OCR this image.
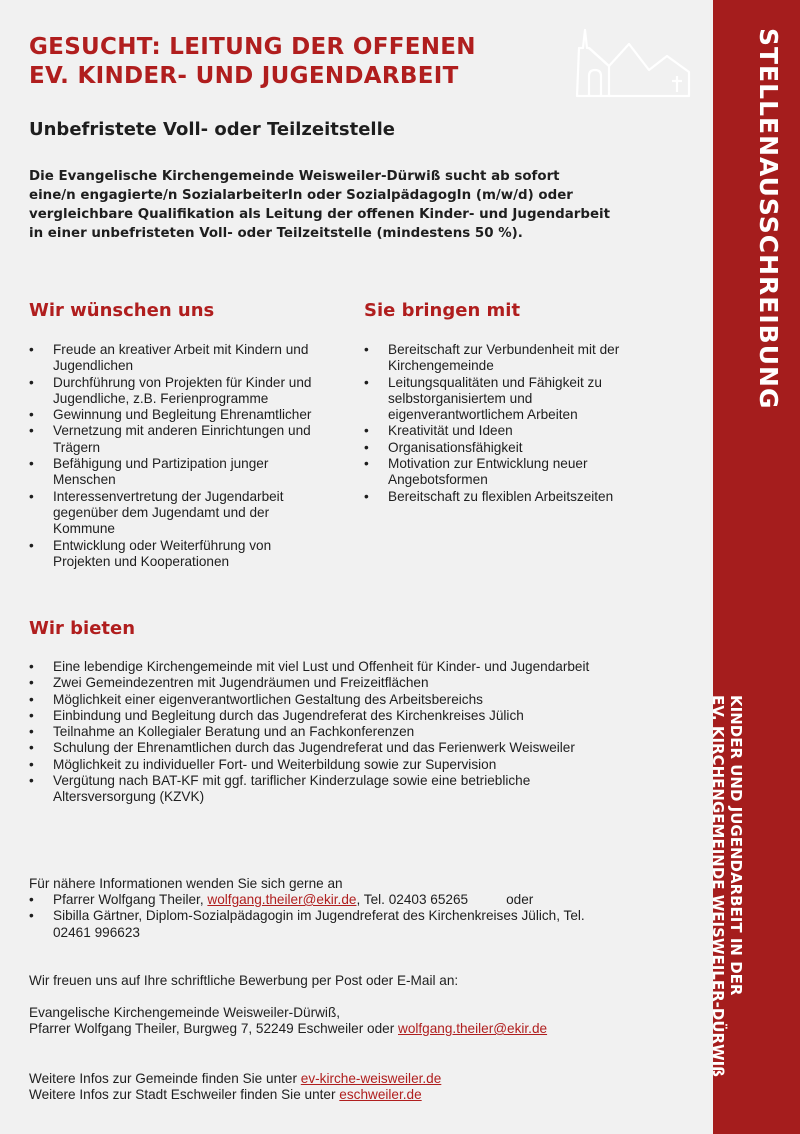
GESUCHT: LEITUNG DER OFFENEN
EV. KINDER- UND JUGENDARBEIT
Unbefristete Voll- oder Teilzeitstelle
Die Evangelische Kirchengemeinde Weisweiler-Dürwiß sucht ab sofort
eine/n engagierte/n SozialarbeiterIn oder SozialpädagogIn (m/w/d) oder
vergleichbare Qualifikation als Leitung der offenen Kinder- und Jugendarbeit
in einer unbefristeten Voll- oder Teilzeitstelle (mindestens 50 %).
Wir wünschen uns
• Freude an kreativer Arbeit mit Kindern und Jugendlichen
• Durchführung von Projekten für Kinder und Jugendliche, z.B. Ferienprogramme
• Gewinnung und Begleitung Ehrenamtlicher
• Vernetzung mit anderen Einrichtungen und Trägern
• Befähigung und Partizipation junger Menschen
• Interessenvertretung der Jugendarbeit gegenüber dem Jugendamt und der Kommune
• Entwicklung oder Weiterführung von Projekten und Kooperationen
Sie bringen mit
• Bereitschaft zur Verbundenheit mit der Kirchengemeinde
• Leitungsqualitäten und Fähigkeit zu selbstorganisiertem und eigenverantwortlichem Arbeiten
• Kreativität und Ideen
• Organisationsfähigkeit
• Motivation zur Entwicklung neuer Angebotsformen
• Bereitschaft zu flexiblen Arbeitszeiten
Wir bieten
• Eine lebendige Kirchengemeinde mit viel Lust und Offenheit für Kinder- und Jugendarbeit
• Zwei Gemeindezentren mit Jugendräumen und Freizeitflächen
• Möglichkeit einer eigenverantwortlichen Gestaltung des Arbeitsbereichs
• Einbindung und Begleitung durch das Jugendreferat des Kirchenkreises Jülich
• Teilnahme an Kollegialer Beratung und an Fachkonferenzen
• Schulung der Ehrenamtlichen durch das Jugendreferat und das Ferienwerk Weisweiler
• Möglichkeit zu individueller Fort- und Weiterbildung sowie zur Supervision
• Vergütung nach BAT-KF mit ggf. tariflicher Kinderzulage sowie eine betriebliche Altersversorgung (KZVK)
Für nähere Informationen wenden Sie sich gerne an
• Pfarrer Wolfgang Theiler, wolfgang.theiler@ekir.de, Tel. 02403 65265	oder
• Sibilla Gärtner, Diplom-Sozialpädagogin im Jugendreferat des Kirchenkreises Jülich, Tel. 02461 996623
Wir freuen uns auf Ihre schriftliche Bewerbung per Post oder E-Mail an:
Evangelische Kirchengemeinde Weisweiler-Dürwiß,
Pfarrer Wolfgang Theiler, Burgweg 7, 52249 Eschweiler oder wolfgang.theiler@ekir.de
Weitere Infos zur Gemeinde finden Sie unter ev-kirche-weisweiler.de
Weitere Infos zur Stadt Eschweiler finden Sie unter eschweiler.de
STELLENAUSSCHREIBUNG
KINDER UND JUGENDARBEIT IN DER
EV. KIRCHENGEMEINDE WEISWEILER-DÜRWIß
